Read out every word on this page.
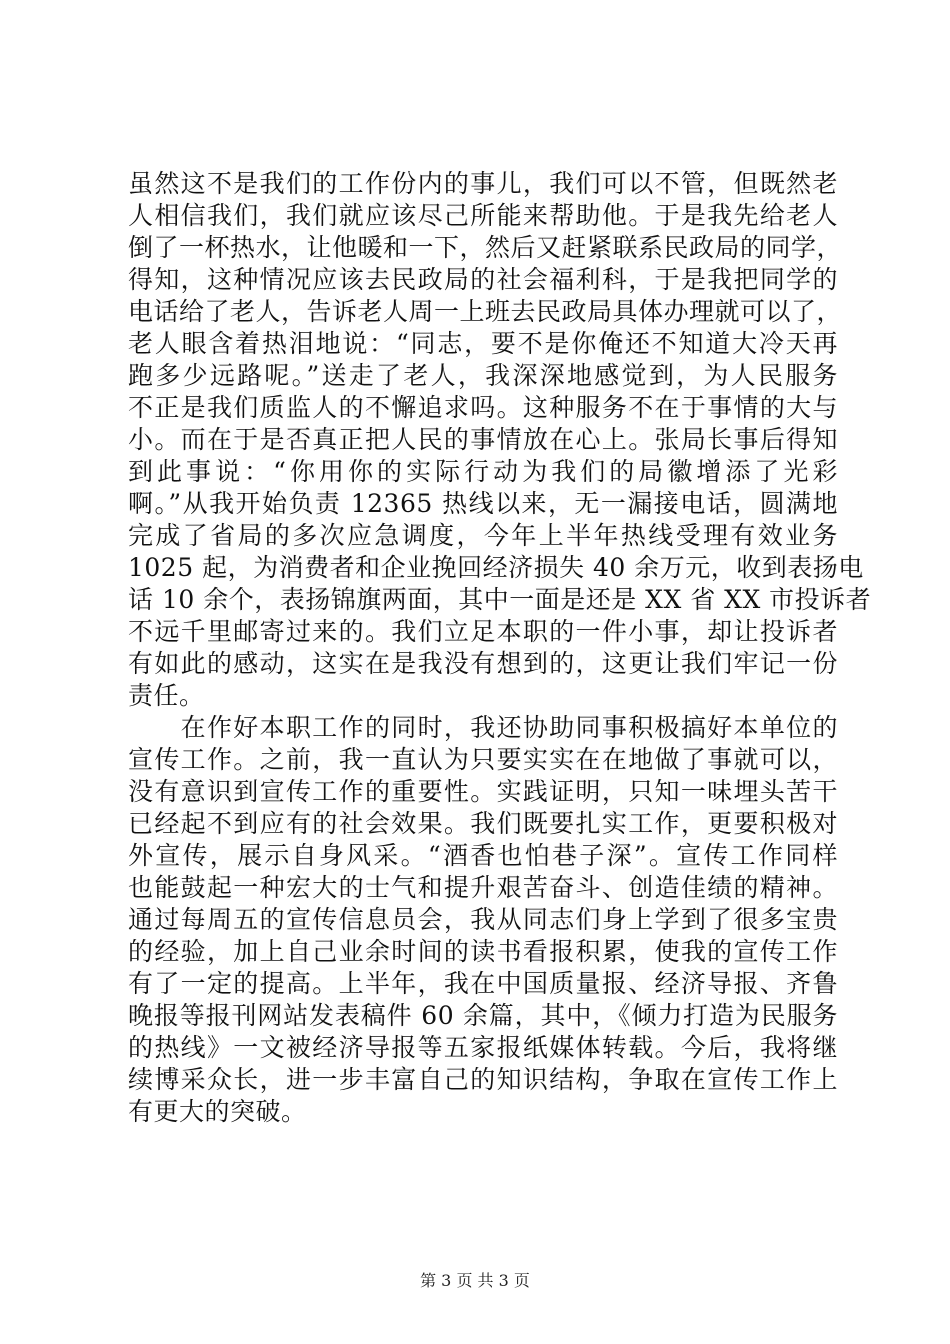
虽然这不是我们的工作份内的事儿，我们可以不管，但既然老
人相信我们，我们就应该尽己所能来帮助他。于是我先给老人
倒了一杯热水，让他暖和一下，然后又赶紧联系民政局的同学，
得知，这种情况应该去民政局的社会福利科，于是我把同学的
电话给了老人，告诉老人周一上班去民政局具体办理就可以了，
老人眼含着热泪地说：“同志，要不是你俺还不知道大冷天再
跑多少远路呢。”送走了老人，我深深地感觉到，为人民服务
不正是我们质监人的不懈追求吗。这种服务不在于事情的大与
小。而在于是否真正把人民的事情放在心上。张局长事后得知
到此事说：“你用你的实际行动为我们的局徽增添了光彩
啊。”从我开始负责 12365 热线以来，无一漏接电话，圆满地
完成了省局的多次应急调度，今年上半年热线受理有效业务
1025 起，为消费者和企业挽回经济损失 40 余万元，收到表扬电
话 10 余个，表扬锦旗两面，其中一面是还是 XX 省 XX 市投诉者
不远千里邮寄过来的。我们立足本职的一件小事，却让投诉者
有如此的感动，这实在是我没有想到的，这更让我们牢记一份
责任。
　　在作好本职工作的同时，我还协助同事积极搞好本单位的
宣传工作。之前，我一直认为只要实实在在地做了事就可以，
没有意识到宣传工作的重要性。实践证明，只知一味埋头苦干
已经起不到应有的社会效果。我们既要扎实工作，更要积极对
外宣传，展示自身风采。“酒香也怕巷子深”。宣传工作同样
也能鼓起一种宏大的士气和提升艰苦奋斗、创造佳绩的精神。
通过每周五的宣传信息员会，我从同志们身上学到了很多宝贵
的经验，加上自己业余时间的读书看报积累，使我的宣传工作
有了一定的提高。上半年，我在中国质量报、经济导报、齐鲁
晚报等报刊网站发表稿件 60 余篇，其中，《倾力打造为民服务
的热线》一文被经济导报等五家报纸媒体转载。今后，我将继
续博采众长，进一步丰富自己的知识结构，争取在宣传工作上
有更大的突破。
第 3 页 共 3 页
